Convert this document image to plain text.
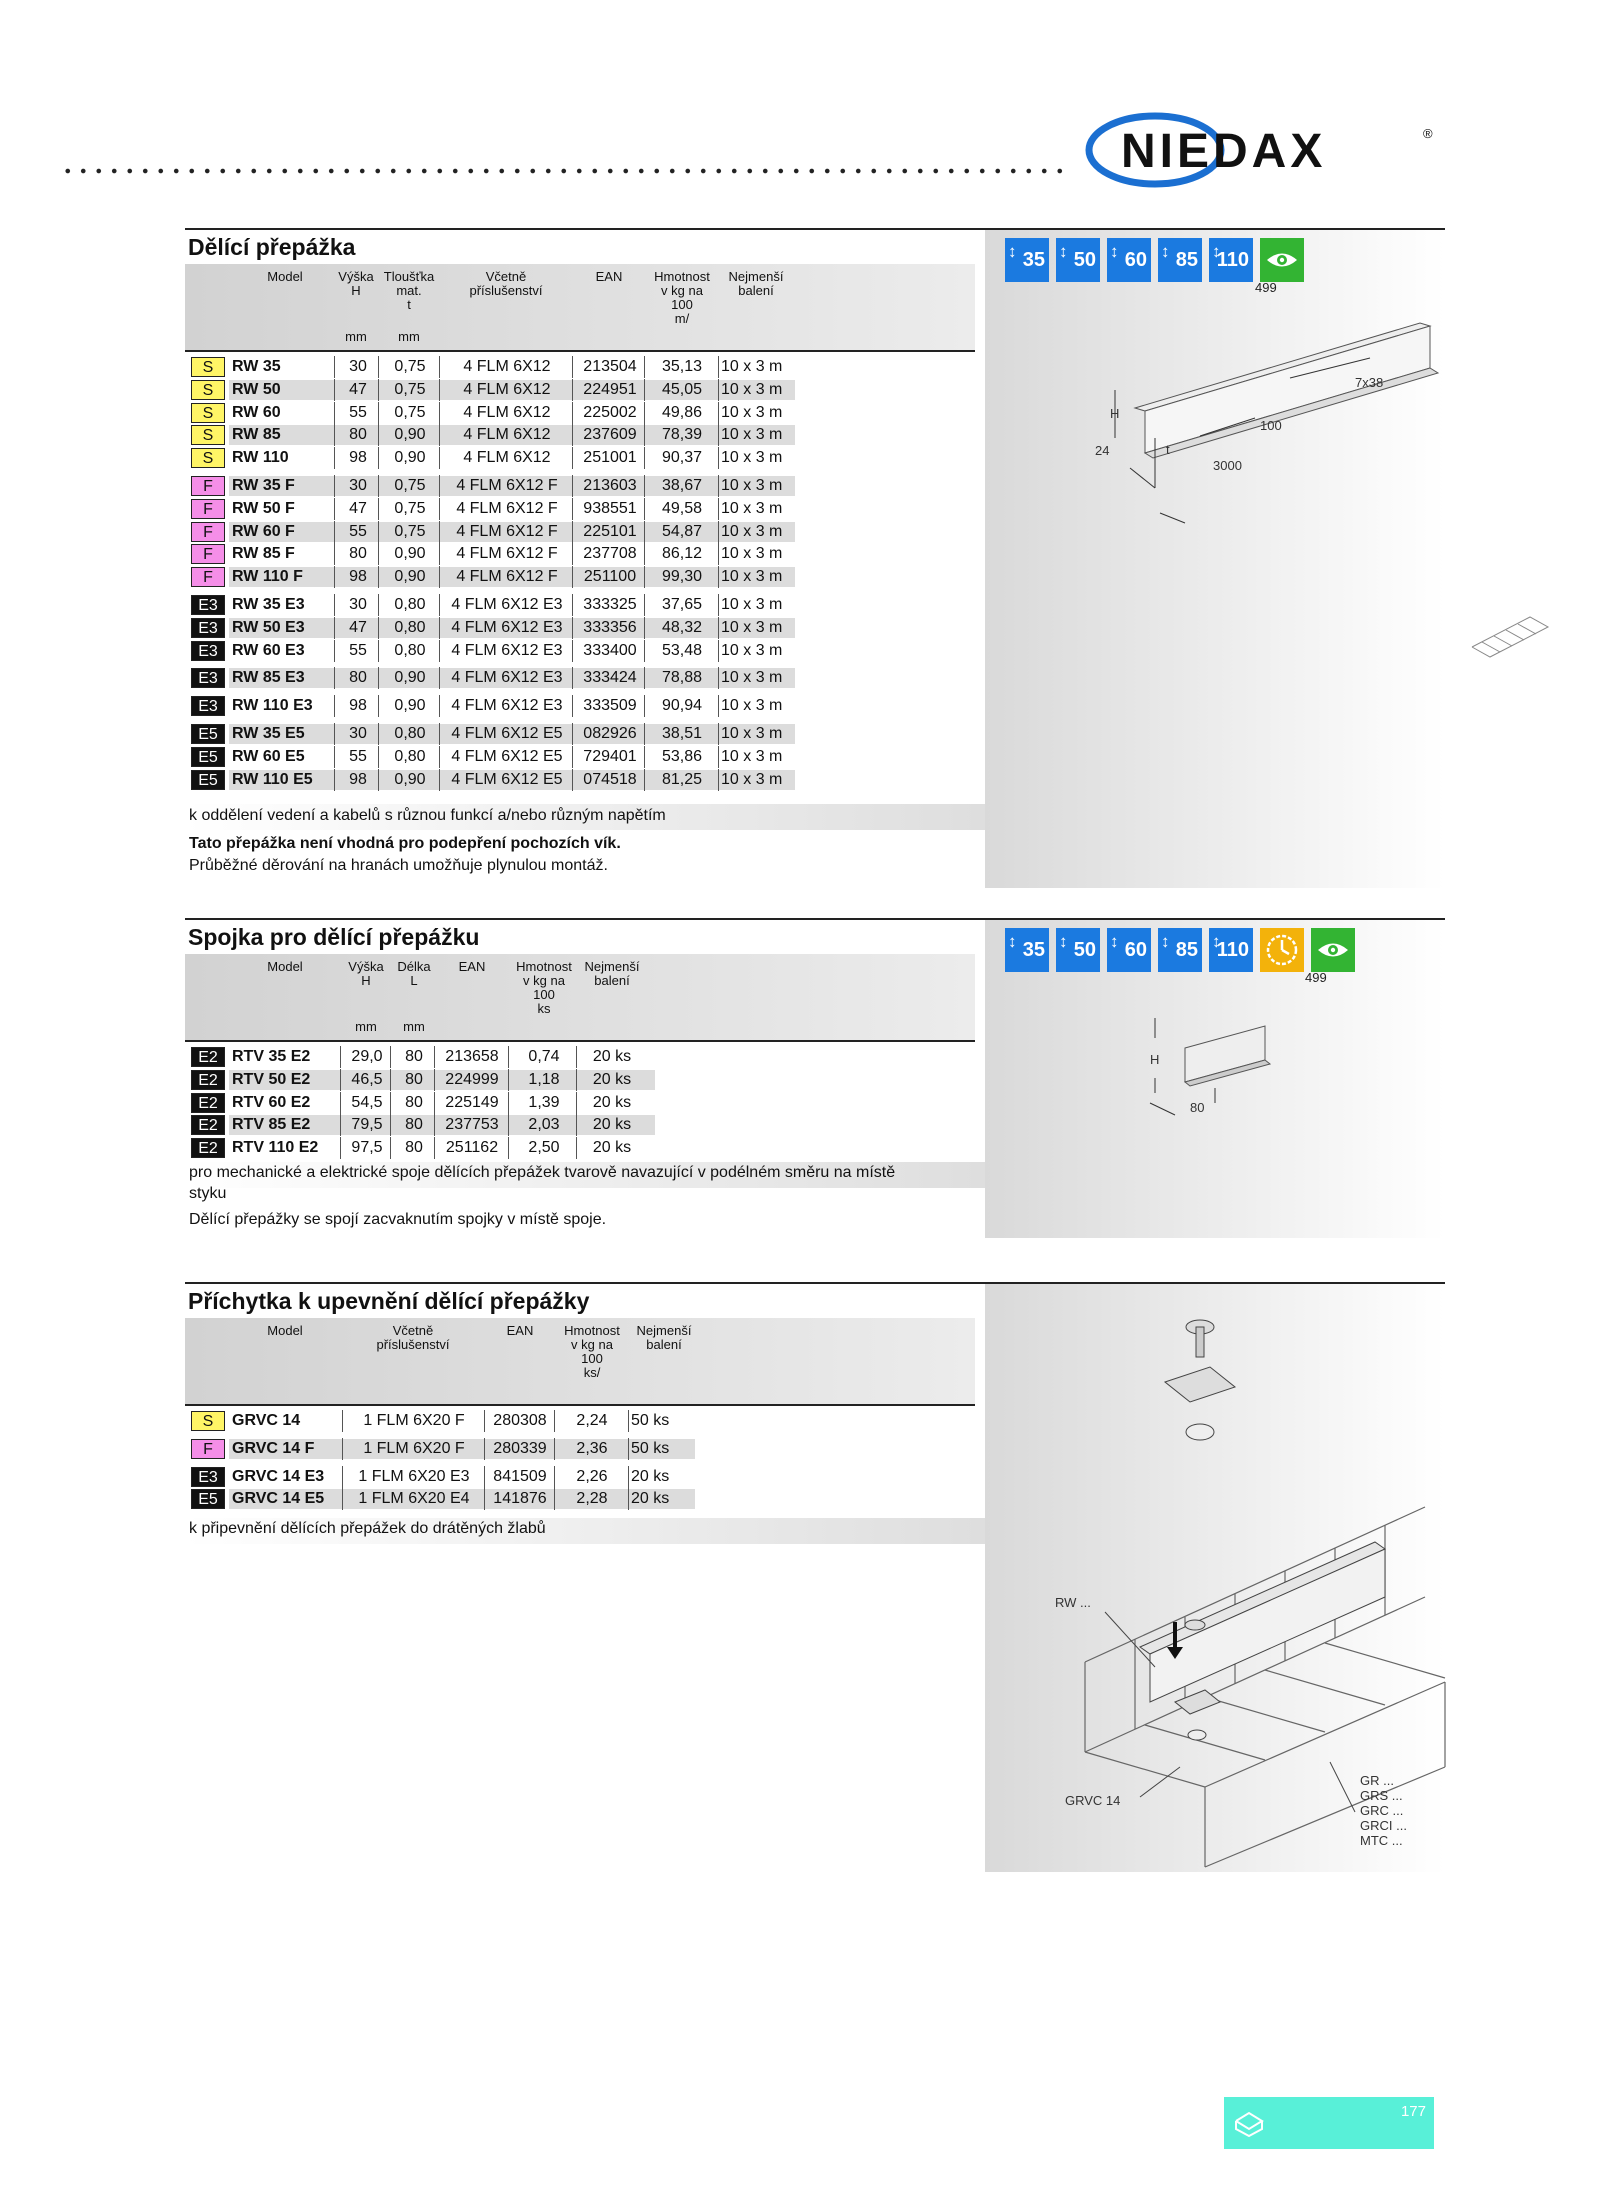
NIEDAX	®
Dělící přepážka	↕ 35 ↕ 50 ↕ 60 ↕ 85 ↕
110
499
Model	Výška
H
Tloušťka
mat.
t
Včetně
příslušenství
EAN	Hmotnost
v kg na
100
m/
Nejmenší
balení
mm	mm
S	RW 35	30	0,75	4 FLM 6X12	213504	35,13	10 x 3 m
S	RW 50	47	0,75	4 FLM 6X12	224951	45,05	10 x 3 m
S	RW 60	55	0,75	4 FLM 6X12	225002	49,86	10 x 3 m
S	RW 85	80	0,90	4 FLM 6X12	237609	78,39	10 x 3 m
S	RW 110	98	0,90	4 FLM 6X12	251001	90,37	10 x 3 m
F	RW 35 F	30	0,75	4 FLM 6X12 F	213603	38,67	10 x 3 m
F	RW 50 F	47	0,75	4 FLM 6X12 F	938551	49,58	10 x 3 m
F	RW 60 F	55	0,75	4 FLM 6X12 F	225101	54,87	10 x 3 m
F	RW 85 F	80	0,90	4 FLM 6X12 F	237708	86,12	10 x 3 m
F	RW 110 F	98	0,90	4 FLM 6X12 F	251100	99,30	10 x 3 m
E3 RW 35 E3	30	0,80	4 FLM 6X12 E3	333325	37,65	10 x 3 m
E3 RW 50 E3	47	0,80	4 FLM 6X12 E3	333356	48,32	10 x 3 m
E3 RW 60 E3	55	0,80	4 FLM 6X12 E3	333400	53,48	10 x 3 m
E3 RW 85 E3	80	0,90	4 FLM 6X12 E3	333424	78,88	10 x 3 m
E3 RW 110 E3	98	0,90	4 FLM 6X12 E3	333509	90,94	10 x 3 m
E5 RW 35 E5	30	0,80	4 FLM 6X12 E5	082926	38,51	10 x 3 m
E5 RW 60 E5	55	0,80	4 FLM 6X12 E5	729401	53,86	10 x 3 m
E5 RW 110 E5	98	0,90	4 FLM 6X12 E5	074518	81,25	10 x 3 m
k oddělení vedení a kabelů s různou funkcí a/nebo různým napětím
Tato přepážka není vhodná pro podepření pochozích vík.
Průběžné děrování na hranách umožňuje plynulou montáž.
H
24	t
100
3000
7x38
Spojka pro dělící přepážku	↕ 35 ↕ 50 ↕ 60 ↕ 85 ↕
110
499
Model	Výška
H
Délka
L
EAN	Hmotnost
v kg na
100
ks
Nejmenší
balení
mm	mm
E2 RTV 35 E2	29,0	80	213658	0,74	20 ks
E2 RTV 50 E2	46,5	80	224999	1,18	20 ks
E2 RTV 60 E2	54,5	80	225149	1,39	20 ks
E2 RTV 85 E2	79,5	80	237753	2,03	20 ks
E2 RTV 110 E2	97,5	80	251162	2,50	20 ks
pro mechanické a elektrické spoje dělících přepážek tvarově navazující v podélném směru na místě
styku
Dělící přepážky se spojí zacvaknutím spojky v místě spoje.
H
80
Příchytka k upevnění dělící přepážky
Model	Včetně
příslušenství
EAN	Hmotnost
v kg na
100
ks/
Nejmenší
balení
S	GRVC 14	1 FLM 6X20 F	280308	2,24	50 ks
F	GRVC 14 F	1 FLM 6X20 F	280339	2,36	50 ks
E3 GRVC 14 E3	1 FLM 6X20 E3	841509	2,26	20 ks
E5 GRVC 14 E5	1 FLM 6X20 E4	141876	2,28	20 ks
k připevnění dělících přepážek do drátěných žlabů
RW ...
GRVC 14
GR ...
GRS ...
GRC ...
GRCI ...
MTC ...
177
